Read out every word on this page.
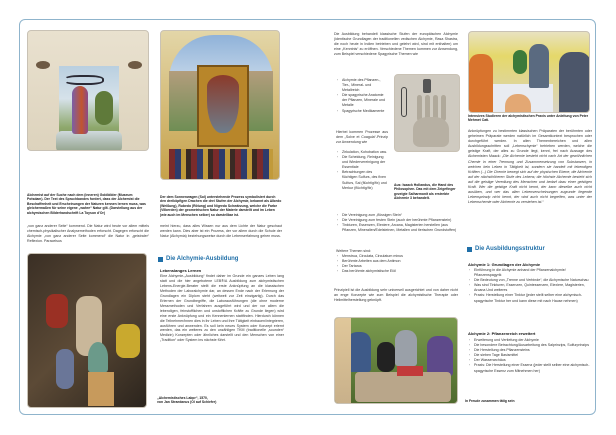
Alchemist auf der Suche nach dem (inneren) Goldbilder (Museum Potsdam). Der Text des Spruchbandes fordert, dass der Alchemist die Beschaffenheit und Erscheinungen der Naturen kennen lernen muss, was gleichermaßen für seine eigene „wahre“ Natur gilt. (Darstellung aus der alchymischen Bilderhandschrift La Toyson d'Or)
„von ganz anderer Seite“ kommend. Die Natur wird heute vor allem mittels chemisch-physikalischer Analysemethoden erforscht. Dagegen erforscht die Alchymie „von ganz anderer Seite kommend“ die Natur in „geistraler“ Reflexion. Paracelsus
Der dem Sonnenwagen (Sol) unterstehende Prozess symbolisiert durch den dreiköpfigen Drachen die drei Stufen der Alchymie, bekannt als Albedo (Weißung), Rubedo (Rötung) und Nigredo Schwärzung, welche die Farbe (Vilberden) der geometrischen Natur der Materie darstellt und im Leben (wie auch im Menschen selber) so darstellbar ist.
meint hierzu, dass alles Wissen nur aus dem Lichte der Natur geschaut werden kann. Dies aber ist ein Prozess, der vor allem durch die Schule der Natur (Alchymia) beziehungsweise durch die Lebenserfahrung gehen muss.
Die Alchymie-Ausbildung
Lebenslanges Lernen
Eine Alchymie-„Ausbildung“ findet daher im Grunde ein ganzes Leben lang statt und die hier angebotene LEB®/A Ausbildung zum alchymistischen Lebens-Energie-Berater stellt die erste Anknüpfung an die klassischen Methoden der Laboralchymie dar, an dessen Ende nach der Erlernung der Grundlagen ein Diplom steht (weltweit zur Zeit einzigartig). Durch das Erlernen der Grundbegriffe, die Laborausführungen (die ohne moderne Messmethoden und Verfahren ausgeführt wird und der vor allem die lebendigen, feinstofflichen und unstofflichen Kräfte zu Grunde liegen) wird eine erste Anknüpfung und ein Kennenlernen stattfinden. Hierdurch können die Teilnehmer/innen dies in ihr Leben und ihre Tätigkeit einbauen/integrieren, ausführen und anwenden. Es soll kein neues System oder Konzept erlernt werden, das ein weiteres zu den unzähligen TKM (traditionelle „sounden“ Medizin) Konzepten oder ähnliches darstellt und den Menschen von einer „Tradition“ oder System ins nächste führt.
„Alchemistisches Labor“, 1570,
von Jan Straedanus (Öl auf Schiefer)
Die Ausbildung behandelt klassische Stufen der europäischen Alchymie (identische Grundlagen der traditionellen vedischen Alchymie, Rasa Shastra, die noch heute in Indien betrieben und gelehrt wird, sind mit enthalten) um eine „Kenntnis“ zu eröffnen. Verschiedene Themen kommen zur Anwendung, zum Beispiel verschiedene Spagyrische Themen wie
· Alchymie des Pflanzen-, Tier-, Mineral- und Metallreich
· Die spagyrische Anatomie der Pflanzen, Minerale und Metalle
· Spagyrische Medikamente
Hierbei kommen Prozesse aus dem „Solve et Coagula“-Prinzip zur Anwendung wie
· Zirkulation, Kohobation usw.
· Die Scheidung, Reinigung und Wiedervereinigung der Essentiale
· Betrachtungen des flüchtigen Sulfurs, des fixen Sulfurs, Sal (flüchtig/fix) und Merkur (flüchtig/fix)
· Die Vereinigung zum „flüssigen Stein“
· Die Vereinigung zum festen Stein (auch der berühmte Pflanzenstein)
· Tinkturen, Essenzen, Elexiere, Arcana, Magisterien herstellen (aus Pflanzen, Mineralien/Edelsteinen, Metallen und tierischen Grundstoffen)
Weitere Themen sind:
· Menstrua, Circulata, Circulatum minus
· Berühmte Arbeiten aus dem Antimon
· Der Tartarus
· Das berühmte alchymistische Eiöl
Prinzipiell ist die Ausbildung sehr universell ausgerichtet und von daher nicht an enge Konzepte wie zum Beispiel die alchymistische Therapie oder Heilmittelherstellung geknüpft.
Aus: Isaack Hollandus, die Hand des Philosophen. Das mit dem Zeigefinger gezeigte Salharmonit als erstrebte Alchemie 3 behandelt.
Intensives Studieren der alchymistischen Praxis unter Anleitung von Peter Mehmet Cati.
Anknüpfungen zu bestimmten klassischen Präparaten der berühmten oder geheimen Präparate werden natürlich im Gesamtkontext besprochen oder durchgeführt werden. In allen Themenbereichen und allen Ausbildungsschritten soll „Lebenschymie“ betrieben werden, welche die geistige Kraft, der alles zu Grunde liegt, kennt, frei nach Aussage des Alchemisten Maack: „Die Alchemie besteht nicht nach Art der gewöhnlichen Chemie in einer Trennung und Zusammensetzung von Substanzen, in welchen kein Leben in Tätigkeit ist, sondern sie handelt mit lebendigen Kräften (...) Die Chemie bewegt sich auf der physischen Ebene, die Alchemie auf der nächsthöheren Stufe des Lebens; die höchste Alchemie besteht sich auf die geistige Veredlung des Menschen und bedarf dazu einer geistigen Kraft. Wer die geistige Kraft nicht kennt, der kann dieselbe auch nicht ausüben, und wer das allen Lebenserscheinungen zugrunde liegende Lebensprinzip nicht kennt, der wird auch nicht begreifen, was unter der Lebenschemie oder Alchemie zu verstehen ist.“
Die Ausbildungsstruktur
Alchymie 1: Grundlagen der Alchymie
· Einführung in die Alchymie anhand der Pflanzenalchymie/ Pflanzenspagyrik
· Die Bedeutung von „Trenne und Verbinde“, die Alchymische Naturschau
· Was sind Tinkturen, Essenzen, Quintessenzen, Elexiere, Magisterien, Arcana Und weiteres
· Praxis: Herstellung einer Tinktur (jeder stellt selber eine alchymisch-spagyrische Tinktur her und kann diese mit nach Hause nehmen)
Alchymie 2: Pflanzenreich erweitert
· Erweiterung und Vertiefung der Alchymie
· Die besondere Betrachtung/Ausarbeitung des Salprinzips, Sulfurprinzips
· Die Herstellung des Pflanzensteins
· Die sieben Tage Basismittel
· Der Wasserarchäus
· Praxis: Die Herstellung einer Essenz (jeder stellt selber eine alchymisch-spagyrische Essenz zum Mitnehmen her)
In Freude zusammen tätig sein
